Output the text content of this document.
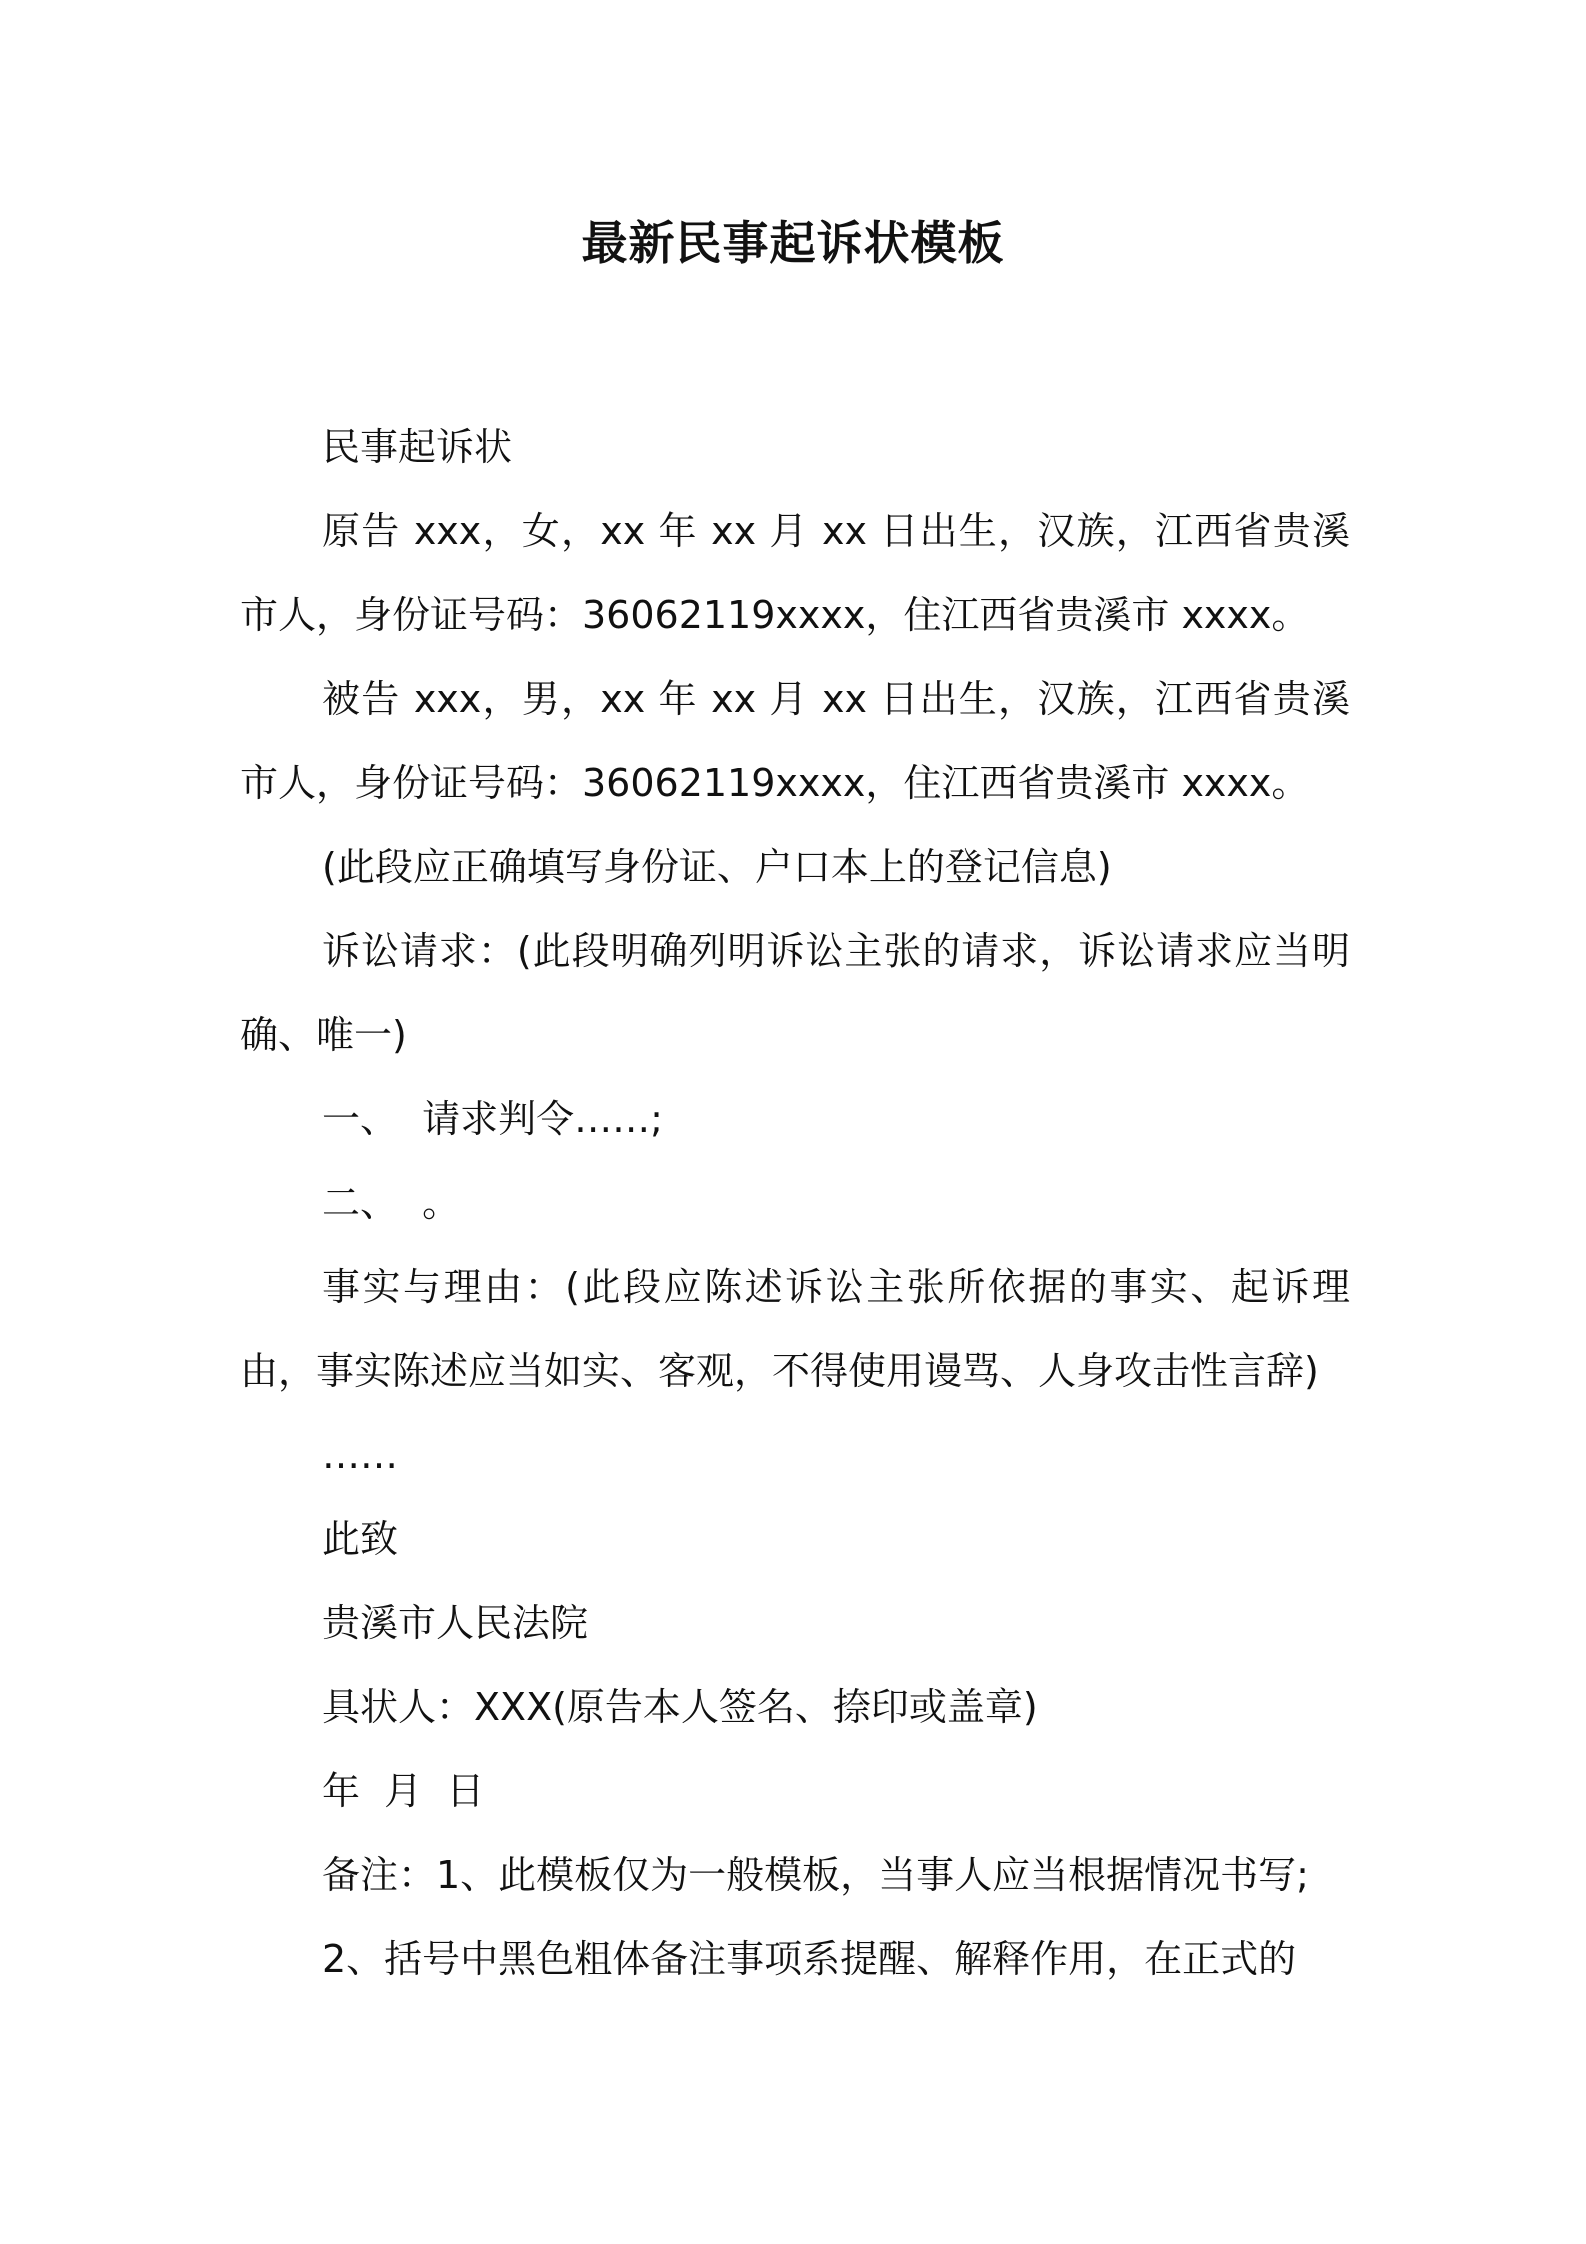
最新民事起诉状模板

民事起诉状

原告 xxx，女，xx 年 xx 月 xx 日出生，汉族，江西省贵溪市人，身份证号码：36062119xxxx，住江西省贵溪市 xxxx。

被告 xxx，男，xx 年 xx 月 xx 日出生，汉族，江西省贵溪市人，身份证号码：36062119xxxx，住江西省贵溪市 xxxx。

(此段应正确填写身份证、户口本上的登记信息)

诉讼请求：(此段明确列明诉讼主张的请求，诉讼请求应当明确、唯一)

一、  请求判令……;

二、  。

事实与理由：(此段应陈述诉讼主张所依据的事实、起诉理由，事实陈述应当如实、客观，不得使用谩骂、人身攻击性言辞)

……

此致

贵溪市人民法院

具状人：XXX(原告本人签名、捺印或盖章)

年  月  日

备注：1、此模板仅为一般模板，当事人应当根据情况书写;

2、括号中黑色粗体备注事项系提醒、解释作用，在正式的
